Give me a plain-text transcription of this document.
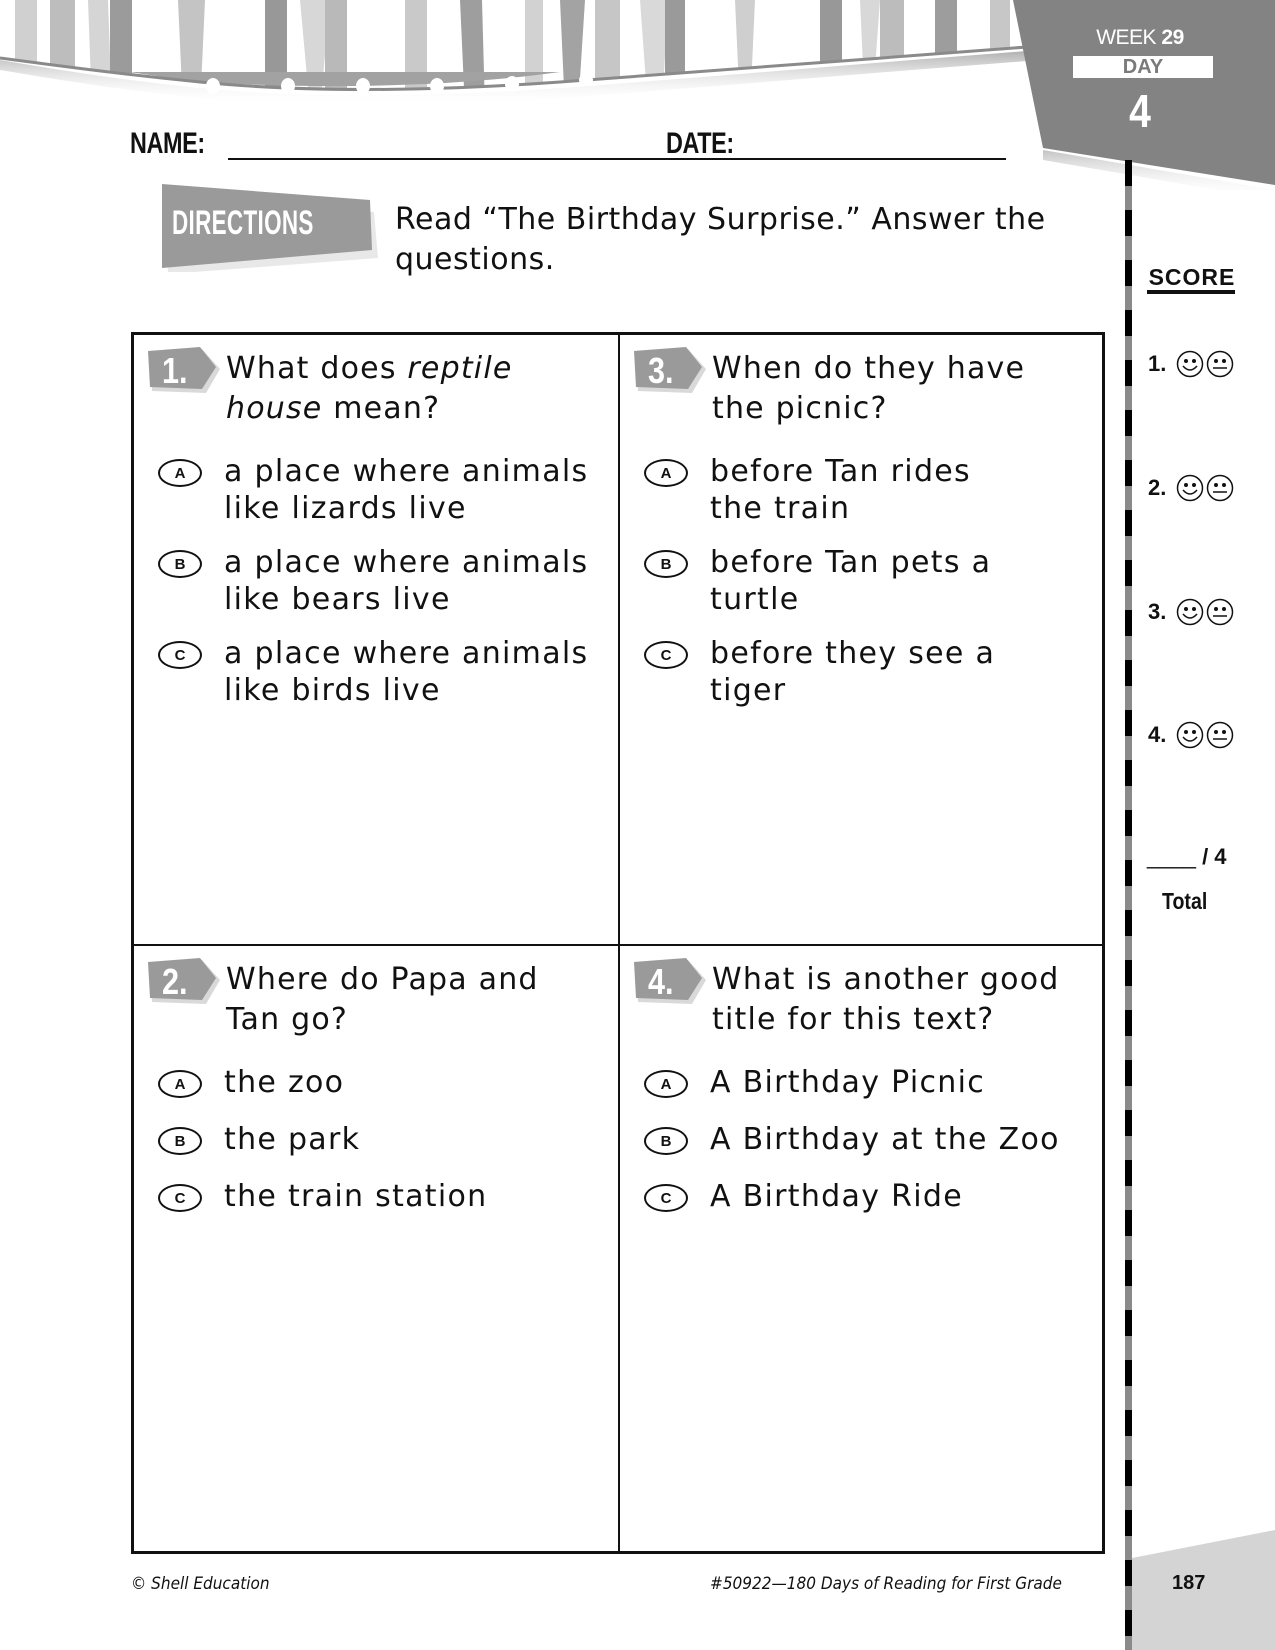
WEEK 29
DAY
4
NAME:	DATE:
DIRECTIONS	Read “The Birthday Surprise.” Answer the questions.	SCORE
1.
2.
3.
4.
____ / 4
Total
187
1. What does reptile house mean?
A	a place where animals like lizards live
B	a place where animals like bears live
C	a place where animals like birds live
3. When do they have the picnic?
A	before Tan rides the train
B	before Tan pets a turtle
C	before they see a tiger
2. Where do Papa and Tan go?
A	the zoo
B	the park
C	the train station
4. What is another good title for this text?
A	A Birthday Picnic
B	A Birthday at the Zoo
C	A Birthday Ride
© Shell Education	#50922—180 Days of Reading for First Grade
